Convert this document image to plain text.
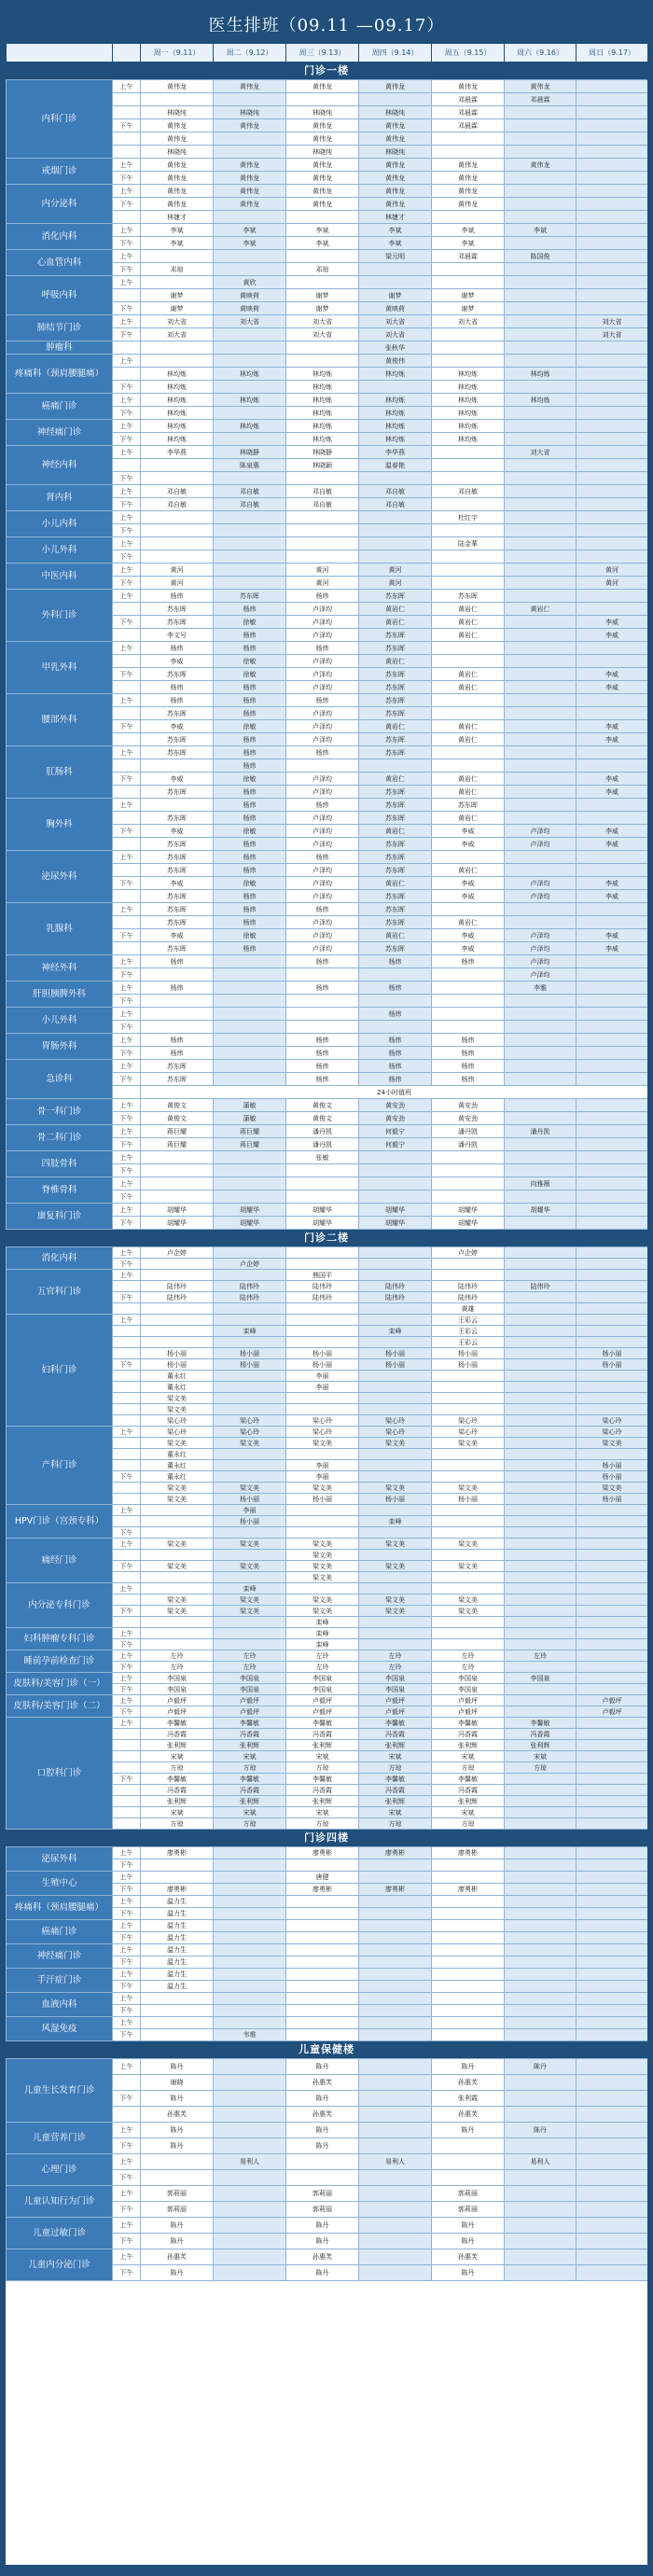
医生排班（09.11 —09.17）
		周一（9.11）	周二（9.12）	周三（9.13）	周四（9.14）	周五（9.15）	周六（9.16）	周日（9.17）
门诊一楼
内科门诊	上午	黄伟龙	黄伟龙	黄伟龙	黄伟龙	黄伟龙	黄伟龙	
						邓晨霖	邓晨霖	
		林晓纯	林晓纯	林晓纯	林晓纯	邓晨霖		
	下午	黄伟龙	黄伟龙	黄伟龙	黄伟龙	邓晨霖		
		黄伟龙		黄伟龙	黄伟龙			
		林晓纯		林晓纯	林晓纯			
戒烟门诊	上午	黄伟龙	黄伟龙	黄伟龙	黄伟龙	黄伟龙	黄伟龙	
	下午	黄伟龙	黄伟龙	黄伟龙	黄伟龙	黄伟龙		
内分泌科	上午	黄伟龙	黄伟龙	黄伟龙	黄伟龙	黄伟龙		
	下午	黄伟龙	黄伟龙	黄伟龙	黄伟龙	黄伟龙		
		林婕才			林婕才			
消化内科	上午	李斌	李斌	李斌	李斌	李斌	李斌	
	下午	李斌	李斌	李斌	李斌	李斌		
心血管内科	上午				梁元明	邓晨霖	陈国俊	
	下午	邓琼		邓琼				
呼吸内科	上午		黄欣					
		谢梦	黄映荷	谢梦	谢梦	谢梦		
	下午	谢梦	黄映荷	谢梦	黄映荷	谢梦		
肺结节门诊	上午	刘大省	刘大省	刘大省	刘大省	刘大省		刘大省
	下午	刘大省		刘大省	刘大省			刘大省
肿瘤科					张秋华			
疼痛科（颈肩腰腿痛）	上午				黄俊伟			
		林均炼	林均炼	林均炼	林均炼	林均炼	林均炼	
	下午	林均炼		林均炼		林均炼		
癌痛门诊	上午	林均炼	林均炼	林均炼	林均炼	林均炼	林均炼	
	下午	林均炼		林均炼	林均炼	林均炼		
神经痛门诊	上午	林均炼	林均炼	林均炼	林均炼	林均炼		
	下午	林均炼		林均炼	林均炼	林均炼		
神经内科	上午	李华燕	林晓静	林晓静	李华燕		刘大省	
			陈泉惠	林晓颖	温春艳			
	下午							
肾内科	上午	邓自敏	邓自敏	邓自敏	邓自敏	邓自敏		
	下午	邓自敏	邓自敏	邓自敏	邓自敏			
小儿内科	上午					杜红宇		
	下午							
小儿外科	上午					陆金華		
	下午							
中医内科	上午	黄河		黄河	黄河			黄河
	下午	黄河		黄河	黄河			黄河
外科门诊	上午	杨炜	苏东晖	杨炜	苏东晖	苏东晖		
		苏东晖	杨炜	卢泽均	黄岩仁	黄岩仁	黄岩仁	
	下午	苏东晖	徐敏	卢泽均	黄岩仁	黄岩仁		李威
		李文号	杨炜	卢泽均	苏东晖	黄岩仁		李威
甲乳外科	上午	杨炜	杨炜	杨炜	苏东晖			
		李威	徐敏	卢泽均	黄岩仁			
	下午	苏东晖	徐敏	卢泽均	苏东晖	黄岩仁		李威
		杨炜	杨炜	卢泽均	苏东晖	黄岩仁		李威
腰部外科	上午	杨炜	杨炜	杨炜	苏东晖			
		苏东晖	杨炜	卢泽均	苏东晖			
	下午	李威	徐敏	卢泽均	黄岩仁	黄岩仁		李威
		苏东晖	杨炜	卢泽均	苏东晖	黄岩仁		李威
肛肠科	上午	苏东晖	杨炜	杨炜	苏东晖			
			杨炜					
	下午	李威	徐敏	卢泽均	黄岩仁	黄岩仁		李威
		苏东晖	杨炜	卢泽均	苏东晖	黄岩仁		李威
胸外科	上午		杨炜	杨炜	苏东晖	苏东晖		
		苏东晖	杨炜	卢泽均	苏东晖	黄岩仁		
	下午	李威	徐敏	卢泽均	黄岩仁	李威	卢泽均	李威
		苏东晖	杨炜	卢泽均	苏东晖	李威	卢泽均	李威
泌尿外科	上午	苏东晖	杨炜	杨炜	苏东晖			
		苏东晖	杨炜	卢泽均	苏东晖	黄岩仁		
	下午	李威	徐敏	卢泽均	黄岩仁	李威	卢泽均	李威
		苏东晖	杨炜	卢泽均	苏东晖	李威	卢泽均	李威
乳腺科	上午	苏东晖	杨炜	杨炜	苏东晖			
		苏东晖	杨炜	卢泽均	苏东晖	黄岩仁		
	下午	李威	徐敏	卢泽均	黄岩仁	李威	卢泽均	李威
		苏东晖	杨炜	卢泽均	苏东晖	李威	卢泽均	李威
神经外科	上午	杨炜		杨炜	杨炜	杨炜	卢泽均	
	下午						卢泽均	
肝胆胰脾外科	上午	杨炜		杨炜	杨炜		李雅	
	下午							
小儿外科	上午				杨炜			
	下午							
胃肠外科	上午	杨炜		杨炜	杨炜	杨炜		
	下午	杨炜		杨炜	杨炜	杨炜		
急诊科	上午	苏东晖		杨炜	杨炜	杨炜		
	下午	苏东晖		杨炜	杨炜	杨炜		
		24小时值班						
骨一科门诊	上午	黄俊文	蒲敏	黄俊文	黄安劲	黄安劲		
	下午	黄俊文	蒲敏	黄俊文	黄安劲	黄安劲		
骨二科门诊	上午	蒋巨耀	蒋巨耀	潘丹凯	何毅宁	潘丹凯	潘丹凯	
	下午	蒋巨耀	蒋巨耀	潘丹凯	何毅宁	潘丹凯		
四肢骨科	上午			张敏				
	下午							
脊椎骨科	上午						向雅薇	
	下午							
康复科门诊	上午	胡耀华	胡耀华	胡耀华	胡耀华	胡耀华	胡耀华	
	下午	胡耀华	胡耀华	胡耀华	胡耀华	胡耀华		
门诊二楼
消化内科	上午	卢企婷				卢企婷		
	下午		卢企婷					
五官科门诊	上午			熊国平				
		陆伟玲	陆伟玲	陆伟玲	陆伟玲	陆伟玲	陆伟玲	
	下午	陆伟玲	陆伟玲	陆伟玲	陆伟玲	陆伟玲		
						黄雄		
妇科门诊	上午					王彩云		
			栾峰		栾峰	王彩云		
						王彩云		
		杨小丽	杨小丽	杨小丽	杨小丽	杨小丽		杨小丽
	下午	杨小丽	杨小丽	杨小丽	杨小丽	杨小丽		杨小丽
		董永红		李丽				
		董永红		李丽				
		梁文美						
		梁文美						
		梁心玲	梁心玲	梁心玲	梁心玲	梁心玲		梁心玲
产科门诊	上午	梁心玲	梁心玲	梁心玲	梁心玲	梁心玲		梁心玲
		梁文美	梁文美	梁文美	梁文美	梁文美		梁文美
		董永红						
		董永红		李丽				杨小丽
	下午	董永红		李丽				杨小丽
		梁文美	梁文美	梁文美	梁文美	梁文美		梁文美
		梁文美	杨小丽	杨小丽	杨小丽	杨小丽		杨小丽
HPV门诊（宫颈专科）	上午		李丽					
			杨小丽		栾峰			
	下午							
痛经门诊	上午	梁文美	梁文美	梁文美	梁文美	梁文美		
				梁文美				
	下午	梁文美	梁文美	梁文美	梁文美	梁文美		
				梁文美				
内分泌专科门诊	上午		栾峰					
		梁文美	梁文美	梁文美	梁文美	梁文美		
	下午	梁文美	梁文美	梁文美	梁文美	梁文美		
				栾峰				
妇科肿瘤专科门诊	上午			栾峰				
	下午			栾峰				
睡前孕前检查门诊	上午	左玲	左玲	左玲	左玲	左玲	左玲	
	下午	左玲	左玲	左玲	左玲	左玲		
皮肤科/美容门诊（一）	上午	李国泉	李国泉	李国泉	李国泉	李国泉	李国泉	
	下午	李国泉	李国泉	李国泉	李国泉	李国泉		
皮肤科/美容门诊（二）	上午	卢毅坪	卢毅坪	卢毅坪	卢毅坪	卢毅坪		卢毅坪
	下午	卢毅坪	卢毅坪	卢毅坪	卢毅坪	卢毅坪		卢毅坪
口腔科门诊	上午	李馨敏	李馨敏	李馨敏	李馨敏	李馨敏	李馨敏	
		冯香霞	冯香霞	冯香霞	冯香霞	冯香霞	冯香霞	
		张利辉	张利辉	张利辉	张利辉	张利辉	张利辉	
		宋斌	宋斌	宋斌	宋斌	宋斌	宋斌	
		方琼	方琼	方琼	方琼	方琼	方琼	
	下午	李馨敏	李馨敏	李馨敏	李馨敏	李馨敏		
		冯香霞	冯香霞	冯香霞	冯香霞	冯香霞		
		张利辉	张利辉	张利辉	张利辉	张利辉		
		宋斌	宋斌	宋斌	宋斌	宋斌		
		方琼	方琼	方琼	方琼	方琼		
门诊四楼
泌尿外科	上午	廖勇彬		廖勇彬	廖勇彬	廖勇彬		
	下午							
生殖中心	上午			唐健				
	下午	廖勇彬		廖勇彬	廖勇彬	廖勇彬		
疼痛科（颈肩腰腿痛）	上午	温力生						
	下午	温力生						
癌痛门诊	上午	温力生						
	下午	温力生						
神经痛门诊	上午	温力生						
	下午	温力生						
手汗症门诊	上午	温力生						
	下午	温力生						
血液内科	上午							
	下午							
风湿免疫	上午							
	下午		韦维					
儿童保健楼
儿童生长发育门诊	上午	陈丹		陈丹		陈丹	陈丹	
		谢晓		孙惠芙		孙惠芙		
	下午	陈丹		陈丹		张利霞		
		孙惠芙		孙惠芙		孙惠芙		
儿童营养门诊	上午	陈丹		陈丹		陈丹	陈丹	
	下午	陈丹		陈丹				
心理门诊	上午		易利人		易利人		易利人	
	下午							
儿童认知行为门诊	上午	郭莉丽		郭莉丽		郭莉丽		
	下午	郭莉丽		郭莉丽		郭莉丽		
儿童过敏门诊	上午	陈丹		陈丹		陈丹		
	下午	陈丹		陈丹		陈丹		
儿童内分泌门诊	上午	孙惠芙		孙惠芙		孙惠芙		
	下午	陈丹		陈丹		陈丹		
